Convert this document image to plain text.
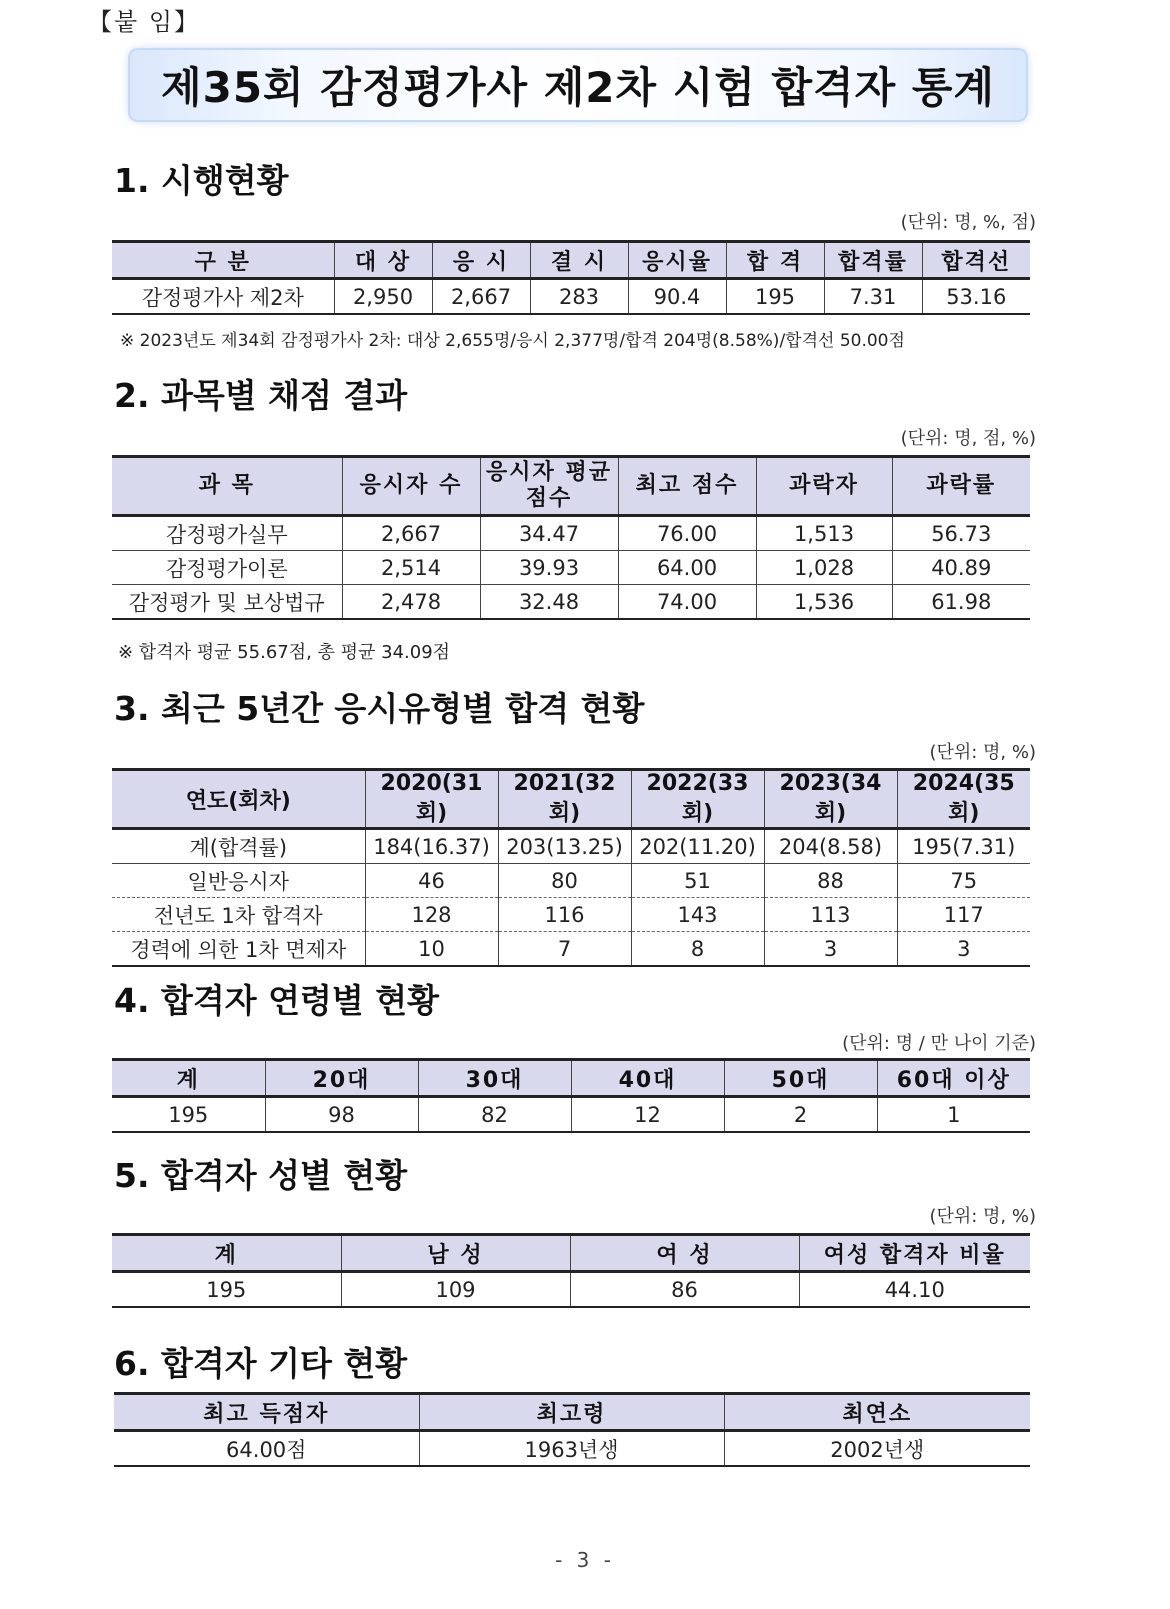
【붙 임】
제35회 감정평가사 제2차 시험 합격자 통계
1. 시행현황
(단위: 명, %, 점)
구 분	대 상	응 시	결 시	응시율	합 격	합격률	합격선
감정평가사 제2차	2,950	2,667	283	90.4	195	7.31	53.16
※ 2023년도 제34회 감정평가사 2차: 대상 2,655명/응시 2,377명/합격 204명(8.58%)/합격선 50.00점
2. 과목별 채점 결과
(단위: 명, 점, %)
과 목	응시자 수	응시자 평균 점수	최고 점수	과락자	과락률
감정평가실무	2,667	34.47	76.00	1,513	56.73
감정평가이론	2,514	39.93	64.00	1,028	40.89
감정평가 및 보상법규	2,478	32.48	74.00	1,536	61.98
※ 합격자 평균 55.67점, 총 평균 34.09점
3. 최근 5년간 응시유형별 합격 현황
(단위: 명, %)
연도(회차)	2020(31회)	2021(32회)	2022(33회)	2023(34회)	2024(35회)
계(합격률)	184(16.37)	203(13.25)	202(11.20)	204(8.58)	195(7.31)
일반응시자	46	80	51	88	75
전년도 1차 합격자	128	116	143	113	117
경력에 의한 1차 면제자	10	7	8	3	3
4. 합격자 연령별 현황
(단위: 명 / 만 나이 기준)
계	20대	30대	40대	50대	60대 이상
195	98	82	12	2	1
5. 합격자 성별 현황
(단위: 명, %)
계	남 성	여 성	여성 합격자 비율
195	109	86	44.10
6. 합격자 기타 현황
최고 득점자	최고령	최연소
64.00점	1963년생	2002년생
- 3 -
